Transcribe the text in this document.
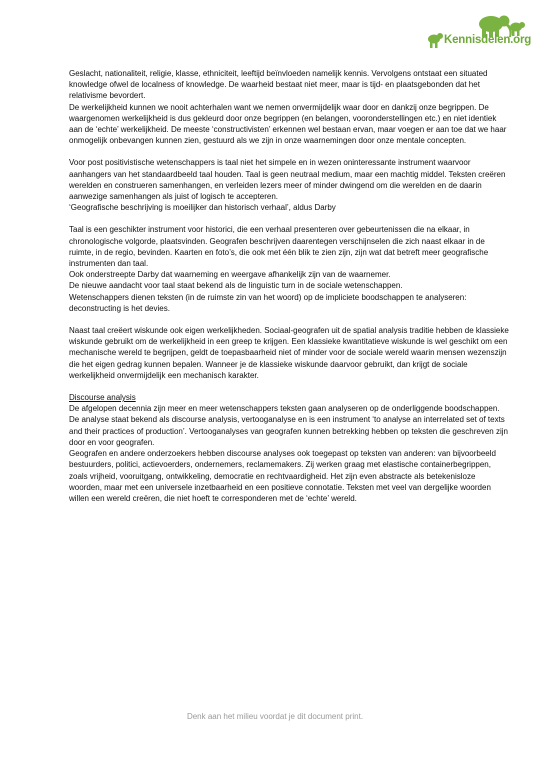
Kennisdelen.org

Geslacht, nationaliteit, religie, klasse, ethniciteit, leeftijd beïnvloeden namelijk kennis. Vervolgens ontstaat een situated knowledge ofwel de localness of knowledge. De waarheid bestaat niet meer, maar is tijd- en plaatsgebonden dat het relativisme bevordert.

De werkelijkheid kunnen we nooit achterhalen want we nemen onvermijdelijk waar door en dankzij onze begrippen. De waargenomen werkelijkheid is dus gekleurd door onze begrippen (en belangen, vooronderstellingen etc.) en niet identiek aan de ‘echte’ werkelijkheid. De meeste ‘constructivisten’ erkennen wel bestaan ervan, maar voegen er aan toe dat we haar onmogelijk onbevangen kunnen zien, gestuurd als we zijn in onze waarnemingen door onze mentale concepten.

Voor post positivistische wetenschappers is taal niet het simpele en in wezen oninteressante instrument waarvoor aanhangers van het standaardbeeld taal houden. Taal is geen neutraal medium, maar een machtig middel. Teksten creëren werelden en construeren samenhangen, en verleiden lezers meer of minder dwingend om die werelden en de daarin aanwezige samenhangen als juist of logisch te accepteren.

‘Geografische beschrijving is moeilijker dan historisch verhaal’, aldus Darby

Taal is een geschikter instrument voor historici, die een verhaal presenteren over gebeurtenissen die na elkaar, in chronologische volgorde, plaatsvinden. Geografen beschrijven daarentegen verschijnselen die zich naast elkaar in de ruimte, in de regio, bevinden. Kaarten en foto’s, die ook met één blik te zien zijn, zijn wat dat betreft meer geografische instrumenten dan taal.

Ook onderstreepte Darby dat waarneming en weergave afhankelijk zijn van de waarnemer.

De nieuwe aandacht voor taal staat bekend als de linguistic turn in de sociale wetenschappen.

Wetenschappers dienen teksten (in de ruimste zin van het woord) op de impliciete boodschappen te analyseren: deconstructing is het devies.

Naast taal creëert wiskunde ook eigen werkelijkheden. Sociaal-geografen uit de spatial analysis traditie hebben de klassieke wiskunde gebruikt om de werkelijkheid in een greep te krijgen. Een klassieke kwantitatieve wiskunde is wel geschikt om een mechanische wereld te begrijpen, geldt de toepasbaarheid niet of minder voor de sociale wereld waarin mensen wezenszijn die het eigen gedrag kunnen bepalen. Wanneer je de klassieke wiskunde daarvoor gebruikt, dan krijgt de sociale werkelijkheid onvermijdelijk een mechanisch karakter.

Discourse analysis

De afgelopen decennia zijn meer en meer wetenschappers teksten gaan analyseren op de onderliggende boodschappen. De analyse staat bekend als discourse analysis, vertooganalyse en is een instrument ‘to analyse an interrelated set of texts and their practices of production’. Vertooganalyses van geografen kunnen betrekking hebben op teksten die geschreven zijn door en voor geografen.

Geografen en andere onderzoekers hebben discourse analyses ook toegepast op teksten van anderen: van bijvoorbeeld bestuurders, politici, actievoerders, ondernemers, reclamemakers. Zij werken graag met elastische containerbegrippen, zoals vrijheid, vooruitgang, ontwikkeling, democratie en rechtvaardigheid. Het zijn even abstracte als betekenisloze woorden, maar met een universele inzetbaarheid en een positieve connotatie. Teksten met veel van dergelijke woorden willen een wereld creëren, die niet hoeft te corresponderen met de ‘echte’ wereld.

Denk aan het milieu voordat je dit document print.
